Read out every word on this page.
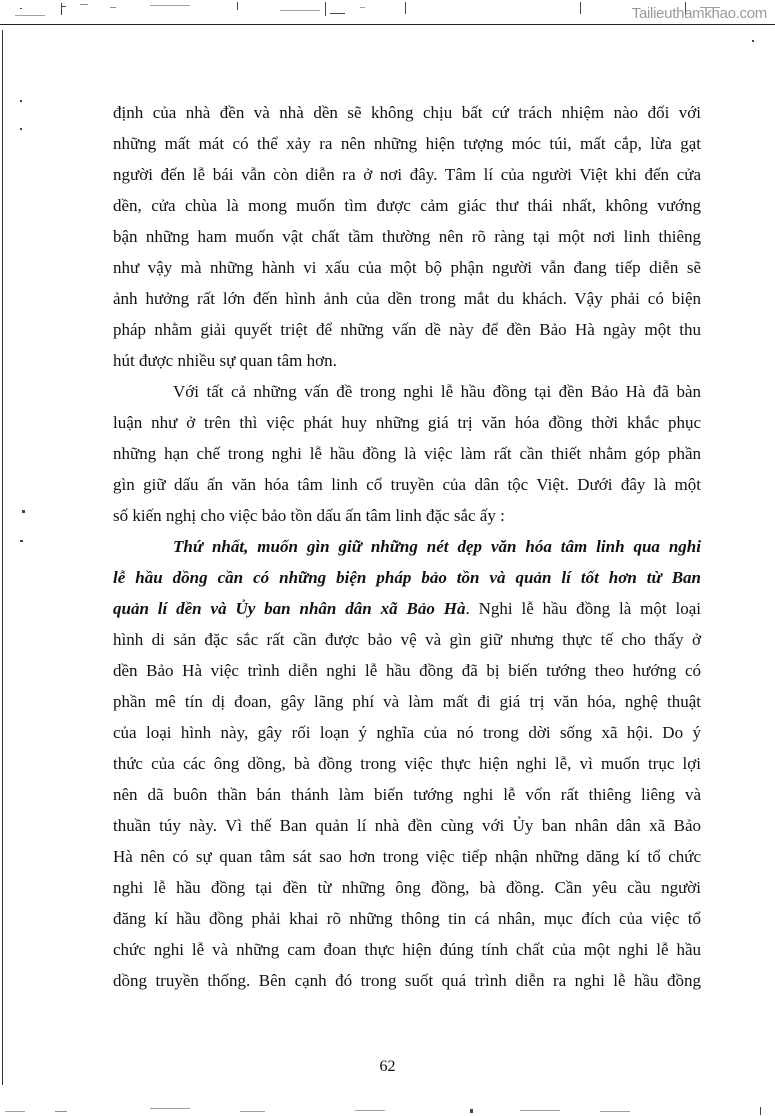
Tailieuthamkhao.com
định của nhà đền và nhà dền sẽ không chịu bất cứ trách nhiệm nào đối với
những mất mát có thể xảy ra nên những hiện tượng móc túi, mất cắp, lừa gạt
người đến lễ bái vẫn còn diễn ra ở nơi đây. Tâm lí của người Việt khi đến cửa
dền, cửa chùa là mong muốn tìm được cảm giác thư thái nhất, không vướng
bận những ham muốn vật chất tầm thường nên rõ ràng tại một nơi linh thiêng
như vậy mà những hành vi xấu của một bộ phận người vẫn đang tiếp diễn sẽ
ảnh hưởng rất lớn đến hình ảnh của dền trong mắt du khách. Vậy phải có biện
pháp nhằm giải quyết triệt để những vấn dề này để đền Bảo Hà ngày một thu
hút được nhiều sự quan tâm hơn.
Với tất cả những vấn đề trong nghi lễ hầu đồng tại đền Bảo Hà đã bàn
luận như ở trên thì việc phát huy những giá trị văn hóa đồng thời khắc phục
những hạn chế trong nghi lễ hầu đồng là việc làm rất cần thiết nhằm góp phần
gìn giữ dấu ấn văn hóa tâm linh cổ truyền của dân tộc Việt. Dưới đây là một
số kiến nghị cho việc bảo tồn dấu ấn tâm linh đặc sắc ấy :
Thứ nhất, muốn gìn giữ những nét dẹp văn hóa tâm linh qua nghi
lễ hầu dồng cần có những biện pháp bảo tồn và quản lí tốt hơn từ Ban
quản lí dền và Ủy ban nhân dân xã Bảo Hà. Nghi lễ hầu đồng là một loại
hình di sản đặc sắc rất cần được bảo vệ và gìn giữ nhưng thực tế cho thấy ở
dền Bảo Hà việc trình diễn nghi lễ hầu đồng đã bị biến tướng theo hướng có
phần mê tín dị đoan, gây lãng phí và làm mất đi giá trị văn hóa, nghệ thuật
của loại hình này, gây rối loạn ý nghĩa của nó trong dời sống xã hội. Do ý
thức của các ông dồng, bà đồng trong việc thực hiện nghi lễ, vì muốn trục lợi
nên dã buôn thần bán thánh làm biến tướng nghi lễ vốn rất thiêng liêng và
thuần túy này. Vì thế Ban quản lí nhà đền cùng với Ủy ban nhân dân xã Bảo
Hà nên có sự quan tâm sát sao hơn trong việc tiếp nhận những dăng kí tổ chức
nghi lễ hầu đồng tại đền từ những ông đồng, bà đồng. Cần yêu cầu người
đăng kí hầu đồng phải khai rõ những thông tin cá nhân, mục đích của việc tổ
chức nghi lễ và những cam đoan thực hiện đúng tính chất của một nghi lễ hầu
dồng truyền thống. Bên cạnh đó trong suốt quá trình diễn ra nghi lễ hầu đồng
62
